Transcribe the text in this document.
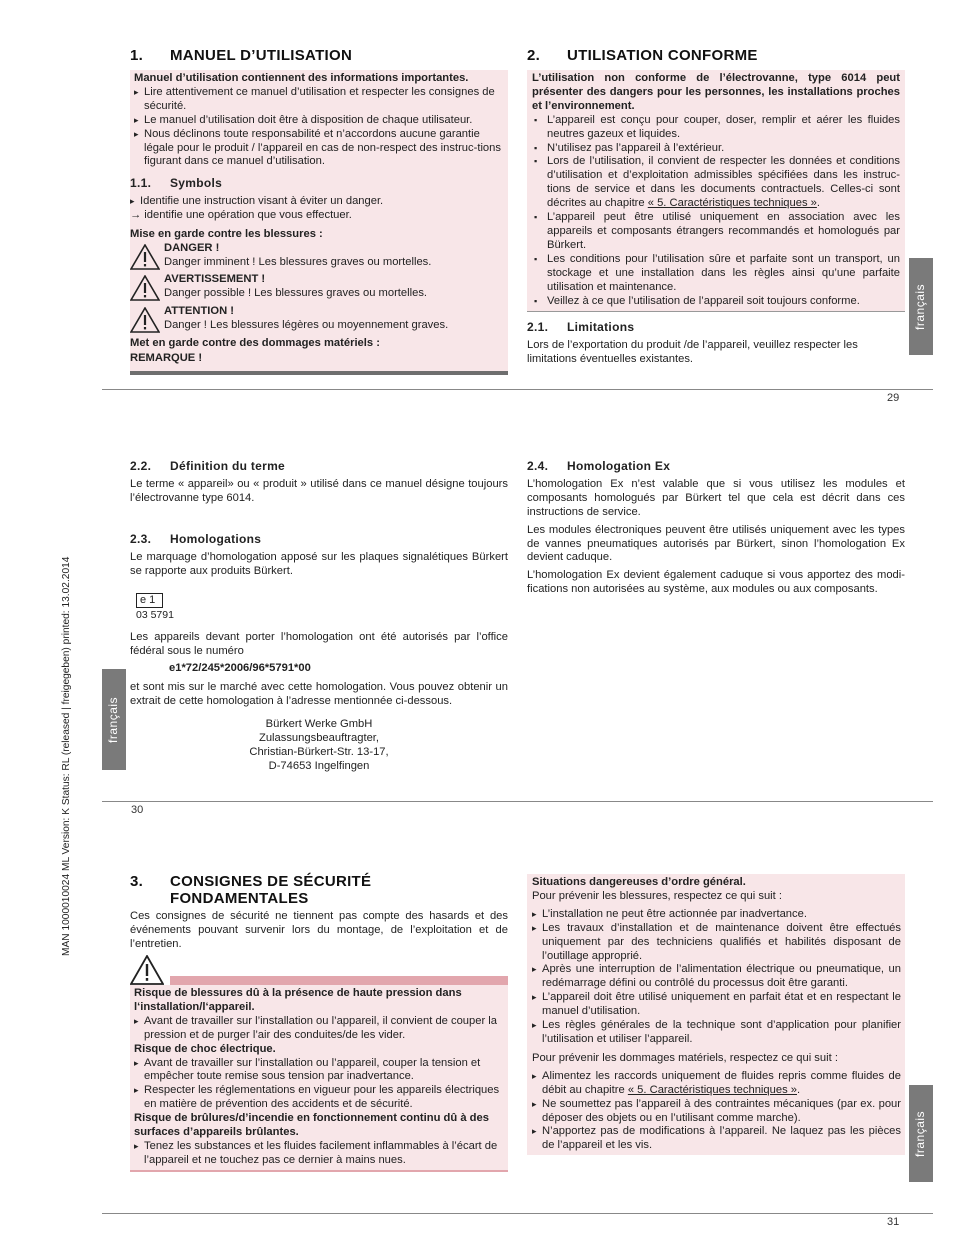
MAN 1000010024 ML Version: K Status: RL (released | freigegeben) printed: 13.02.2014
1. MANUEL D’UTILISATION
Manuel d’utilisation contiennent des informations importantes.
▸ Lire attentivement ce manuel d’utilisation et respecter les consignes de sécurité.
▸ Le manuel d’utilisation doit être à disposition de chaque utilisateur.
▸ Nous déclinons toute responsabilité et n’accordons aucune garantie légale pour le produit / l’appareil en cas de non-respect des instruc-tions figurant dans ce manuel d’utilisation.
1.1. Symbols
▸ Identifie une instruction visant à éviter un danger.
→ identifie une opération que vous effectuer.
Mise en garde contre les blessures :
DANGER !
Danger imminent ! Les blessures graves ou mortelles.
AVERTISSEMENT !
Danger possible ! Les blessures graves ou mortelles.
ATTENTION !
Danger ! Les blessures légères ou moyennement graves.
Met en garde contre des dommages matériels :
REMARQUE !
2. UTILISATION CONFORME
L’utilisation non conforme de l’électrovanne, type 6014 peut présenter des dangers pour les personnes, les installations proches et l’environnement.
▪ L’appareil est conçu pour couper, doser, remplir et aérer les fluides neutres gazeux et liquides.
▪ N’utilisez pas l’appareil à l’extérieur.
▪ Lors de l’utilisation, il convient de respecter les données et conditions d’utilisation et d’exploitation admissibles spécifiées dans les instruc-tions de service et dans les documents contractuels. Celles-ci sont décrites au chapitre « 5. Caractéristiques techniques ».
▪ L’appareil peut être utilisé uniquement en association avec les appareils et composants étrangers recommandés et homologués par Bürkert.
▪ Les conditions pour l’utilisation sûre et parfaite sont un transport, un stockage et une installation dans les règles ainsi qu’une parfaite utilisation et maintenance.
▪ Veillez à ce que l’utilisation de l’appareil soit toujours conforme.
2.1. Limitations
Lors de l’exportation du produit /de l’appareil, veuillez respecter les limitations éventuelles existantes.
français
29
2.2. Définition du terme
Le terme « appareil» ou « produit » utilisé dans ce manuel désigne toujours l’électrovanne type 6014.
2.3. Homologations
Le marquage d’homologation apposé sur les plaques signalétiques Bürkert se rapporte aux produits Bürkert.
e 1
03 5791
Les appareils devant porter l’homologation ont été autorisés par l’office fédéral sous le numéro
e1*72/245*2006/96*5791*00
et sont mis sur le marché avec cette homologation. Vous pouvez obtenir un extrait de cette homologation à l’adresse mentionnée ci-dessous.
Bürkert Werke GmbH
Zulassungsbeauftragter,
Christian-Bürkert-Str. 13-17,
D-74653 Ingelfingen
2.4. Homologation Ex
L’homologation Ex n’est valable que si vous utilisez les modules et composants homologués par Bürkert tel que cela est décrit dans ces instructions de service.
Les modules électroniques peuvent être utilisés uniquement avec les types de vannes pneumatiques autorisés par Bürkert, sinon l’homologation Ex devient caduque.
L’homologation Ex devient également caduque si vous apportez des modi-fications non autorisées au système, aux modules ou aux composants.
français
30
3. CONSIGNES DE SÉCURITÉ
FONDAMENTALES
Ces consignes de sécurité ne tiennent pas compte des hasards et des événements pouvant survenir lors du montage, de l’exploitation et de l’entretien.
Risque de blessures dû à la présence de haute pression dans l‘installation/l‘appareil.
▸ Avant de travailler sur l’installation ou l’appareil, il convient de couper la pression et de purger l’air des conduites/de les vider.
Risque de choc électrique.
▸ Avant de travailler sur l’installation ou l’appareil, couper la tension et empêcher toute remise sous tension par inadvertance.
▸ Respecter les réglementations en vigueur pour les appareils électriques en matière de prévention des accidents et de sécurité.
Risque de brûlures/d’incendie en fonctionnement continu dû à des surfaces d’appareils brûlantes.
▸ Tenez les substances et les fluides facilement inflammables à l’écart de l’appareil et ne touchez pas ce dernier à mains nues.
Situations dangereuses d’ordre général.
Pour prévenir les blessures, respectez ce qui suit :
▸ L’installation ne peut être actionnée par inadvertance.
▸ Les travaux d’installation et de maintenance doivent être effectués uniquement par des techniciens qualifiés et habilités disposant de l’outillage approprié.
▸ Après une interruption de l’alimentation électrique ou pneumatique, un redémarrage défini ou contrôlé du processus doit être garanti.
▸ L’appareil doit être utilisé uniquement en parfait état et en respectant le manuel d’utilisation.
▸ Les règles générales de la technique sont d’application pour planifier l’utilisation et utiliser l’appareil.
Pour prévenir les dommages matériels, respectez ce qui suit :
▸ Alimentez les raccords uniquement de fluides repris comme fluides de débit au chapitre « 5. Caractéristiques techniques ».
▸ Ne soumettez pas l’appareil à des contraintes mécaniques (par ex. pour déposer des objets ou en l’utilisant comme marche).
▸ N’apportez pas de modifications à l’appareil. Ne laquez pas les pièces de l’appareil et les vis.	français
31
